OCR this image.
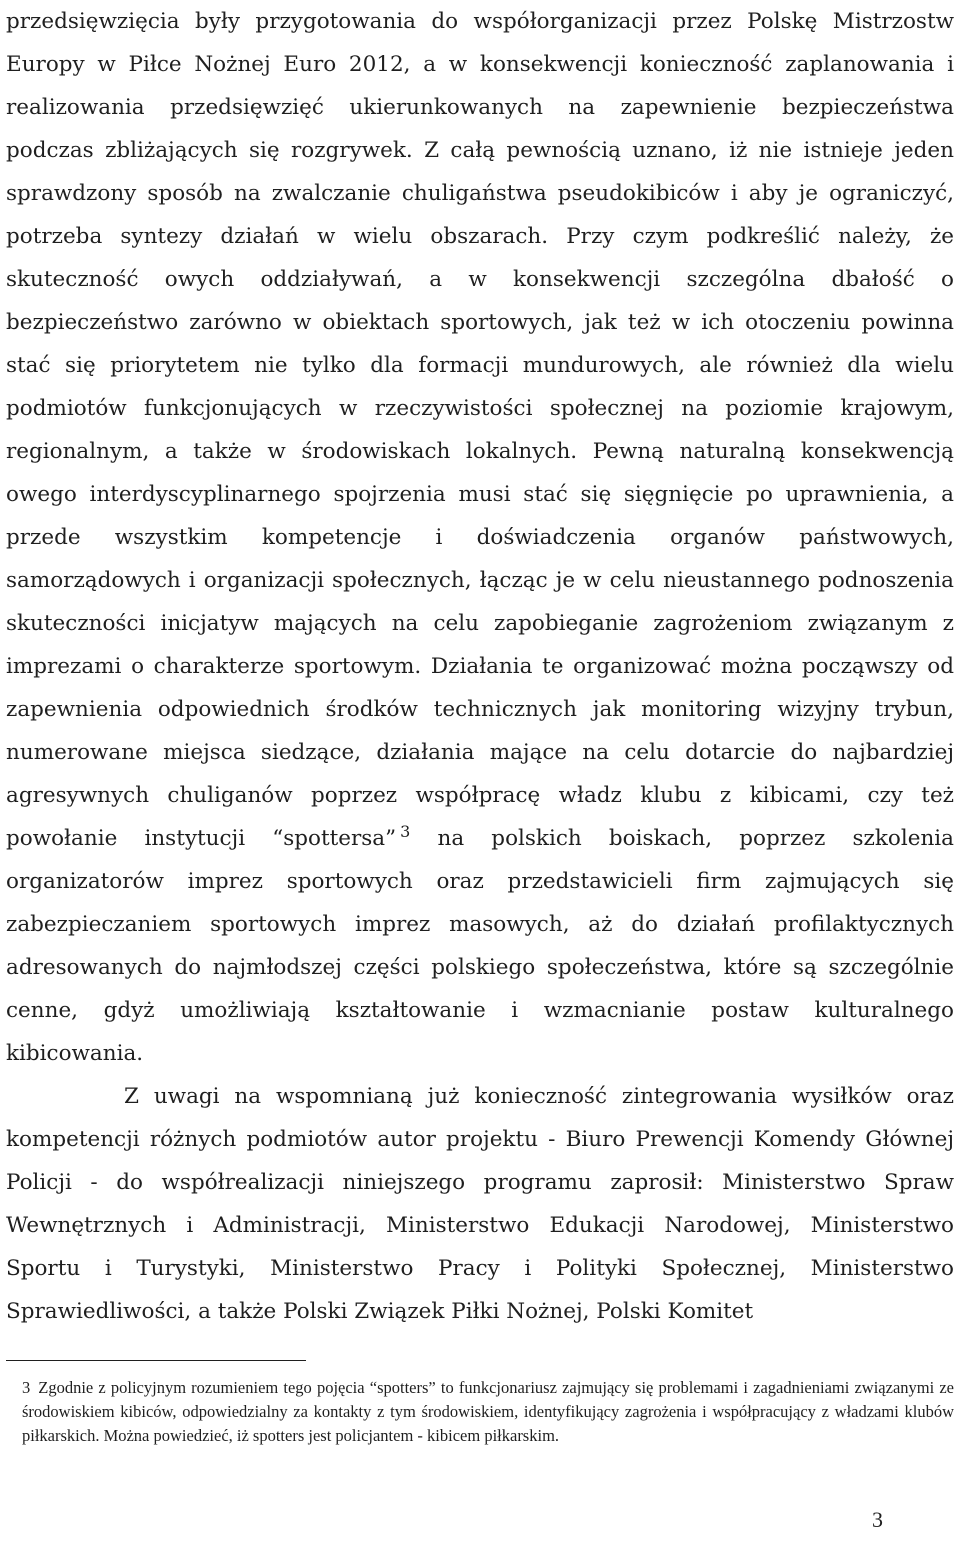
przedsięwzięcia były przygotowania do współorganizacji przez Polskę Mistrzostw Europy w Piłce Nożnej Euro 2012, a w konsekwencji konieczność zaplanowania i realizowania przedsięwzięć ukierunkowanych na zapewnienie bezpieczeństwa podczas zbliżających się rozgrywek. Z całą pewnością uznano, iż nie istnieje jeden sprawdzony sposób na zwalczanie chuligaństwa pseudokibiców i aby je ograniczyć, potrzeba syntezy działań w wielu obszarach. Przy czym podkreślić należy, że skuteczność owych oddziaływań, a w konsekwencji szczególna dbałość o bezpieczeństwo zarówno w obiektach sportowych, jak też w ich otoczeniu powinna stać się priorytetem nie tylko dla formacji mundurowych, ale również dla wielu podmiotów funkcjonujących w rzeczywistości społecznej na poziomie krajowym, regionalnym, a także w środowiskach lokalnych. Pewną naturalną konsekwencją owego interdyscyplinarnego spojrzenia musi stać się sięgnięcie po uprawnienia, a przede wszystkim kompetencje i doświadczenia organów państwowych, samorządowych i organizacji społecznych, łącząc je w celu nieustannego podnoszenia skuteczności inicjatyw mających na celu zapobieganie zagrożeniom związanym z imprezami o charakterze sportowym. Działania te organizować można począwszy od zapewnienia odpowiednich środków technicznych jak monitoring wizyjny trybun, numerowane miejsca siedzące, działania mające na celu dotarcie do najbardziej agresywnych chuliganów poprzez współpracę władz klubu z kibicami, czy też powołanie instytucji “spottersa” $^3$ na polskich boiskach, poprzez szkolenia organizatorów imprez sportowych oraz przedstawicieli firm zajmujących się zabezpieczaniem sportowych imprez masowych, aż do działań profilaktycznych adresowanych do najmłodszej części polskiego społeczeństwa, które są szczególnie cenne, gdyż umożliwiają kształtowanie i wzmacnianie postaw kulturalnego kibicowania.

Z uwagi na wspomnianą już konieczność zintegrowania wysiłków oraz kompetencji różnych podmiotów autor projektu - Biuro Prewencji Komendy Głównej Policji - do współrealizacji niniejszego programu zaprosił: Ministerstwo Spraw Wewnętrznych i Administracji, Ministerstwo Edukacji Narodowej, Ministerstwo Sportu i Turystyki, Ministerstwo Pracy i Polityki Społecznej, Ministerstwo Sprawiedliwości, a także Polski Związek Piłki Nożnej, Polski Komitet

3 Zgodnie z policyjnym rozumieniem tego pojęcia “spotters” to funkcjonariusz zajmujący się problemami i zagadnieniami związanymi ze środowiskiem kibiców, odpowiedzialny za kontakty z tym środowiskiem, identyfikujący zagrożenia i współpracujący z władzami klubów piłkarskich. Można powiedzieć, iż spotters jest policjantem - kibicem piłkarskim.
3
